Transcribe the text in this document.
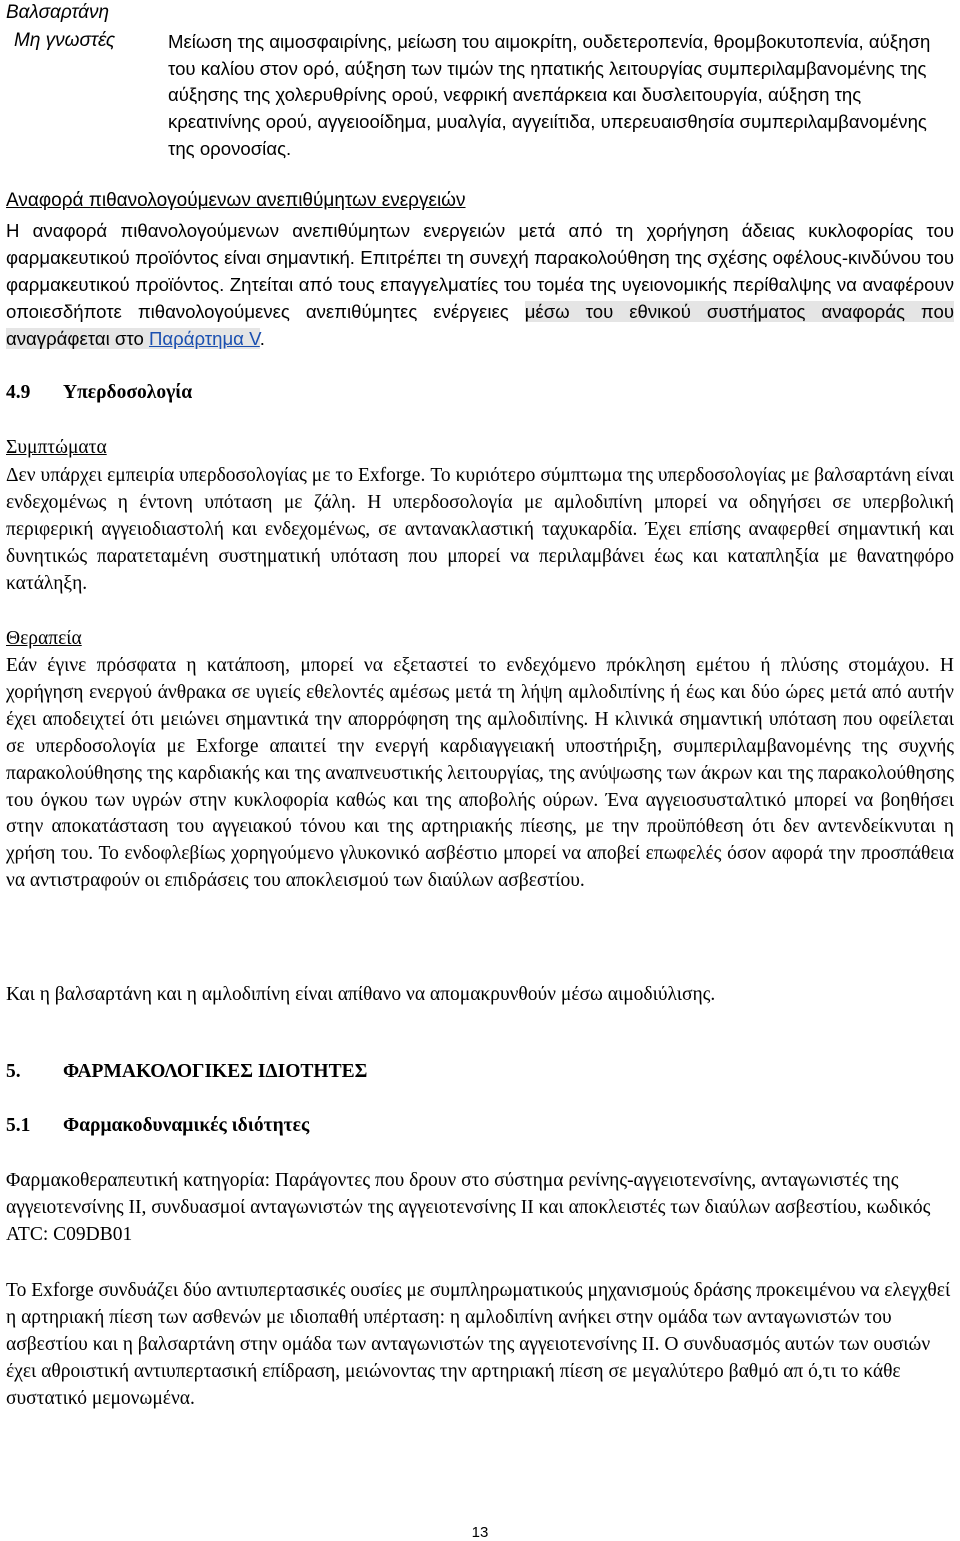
Βαλσαρτάνη
Μη γνωστές	Μείωση της αιμοσφαιρίνης, μείωση του αιμοκρίτη, ουδετεροπενία, θρομβοκυτοπενία, αύξηση του καλίου στον ορό, αύξηση των τιμών της ηπατικής λειτουργίας συμπεριλαμβανομένης της αύξησης της χολερυθρίνης ορού, νεφρική ανεπάρκεια και δυσλειτουργία, αύξηση της κρεατινίνης ορού, αγγειοοίδημα, μυαλγία, αγγειίτιδα, υπερευαισθησία συμπεριλαμβανομένης της ορονοσίας.
Αναφορά πιθανολογούμενων ανεπιθύμητων ενεργειών
Η αναφορά πιθανολογούμενων ανεπιθύμητων ενεργειών μετά από τη χορήγηση άδειας κυκλοφορίας του φαρμακευτικού προϊόντος είναι σημαντική. Επιτρέπει τη συνεχή παρακολούθηση της σχέσης οφέλους-κινδύνου του φαρμακευτικού προϊόντος. Ζητείται από τους επαγγελματίες του τομέα της υγειονομικής περίθαλψης να αναφέρουν οποιεσδήποτε πιθανολογούμενες ανεπιθύμητες ενέργειες μέσω του εθνικού συστήματος αναφοράς που αναγράφεται στο Παράρτημα V.
4.9 Υπερδοσολογία
Συμπτώματα
Δεν υπάρχει εμπειρία υπερδοσολογίας με το Exforge. Το κυριότερο σύμπτωμα της υπερδοσολογίας με βαλσαρτάνη είναι ενδεχομένως η έντονη υπόταση με ζάλη. Η υπερδοσολογία με αμλοδιπίνη μπορεί να οδηγήσει σε υπερβολική περιφερική αγγειοδιαστολή και ενδεχομένως, σε αντανακλαστική ταχυκαρδία. Έχει επίσης αναφερθεί σημαντική και δυνητικώς παρατεταμένη συστηματική υπόταση που μπορεί να περιλαμβάνει έως και καταπληξία με θανατηφόρο κατάληξη.
Θεραπεία
Εάν έγινε πρόσφατα η κατάποση, μπορεί να εξεταστεί το ενδεχόμενο πρόκληση εμέτου ή πλύσης στομάχου. Η χορήγηση ενεργού άνθρακα σε υγιείς εθελοντές αμέσως μετά τη λήψη αμλοδιπίνης ή έως και δύο ώρες μετά από αυτήν έχει αποδειχτεί ότι μειώνει σημαντικά την απορρόφηση της αμλοδιπίνης. Η κλινικά σημαντική υπόταση που οφείλεται σε υπερδοσολογία με Exforge απαιτεί την ενεργή καρδιαγγειακή υποστήριξη, συμπεριλαμβανομένης της συχνής παρακολούθησης της καρδιακής και της αναπνευστικής λειτουργίας, της ανύψωσης των άκρων και της παρακολούθησης του όγκου των υγρών στην κυκλοφορία καθώς και της αποβολής ούρων. Ένα αγγειοσυσταλτικό μπορεί να βοηθήσει στην αποκατάσταση του αγγειακού τόνου και της αρτηριακής πίεσης, με την προϋπόθεση ότι δεν αντενδείκνυται η χρήση του. Το ενδοφλεβίως χορηγούμενο γλυκονικό ασβέστιο μπορεί να αποβεί επωφελές όσον αφορά την προσπάθεια να αντιστραφούν οι επιδράσεις του αποκλεισμού των διαύλων ασβεστίου.
Και η βαλσαρτάνη και η αμλοδιπίνη είναι απίθανο να απομακρυνθούν μέσω αιμοδιύλισης.
5. ΦΑΡΜΑΚΟΛΟΓΙΚΕΣ ΙΔΙΟΤΗΤΕΣ
5.1 Φαρμακοδυναμικές ιδιότητες
Φαρμακοθεραπευτική κατηγορία: Παράγοντες που δρουν στο σύστημα ρενίνης-αγγειοτενσίνης, ανταγωνιστές της αγγειοτενσίνης ΙΙ, συνδυασμοί ανταγωνιστών της αγγειοτενσίνης ΙΙ και αποκλειστές των διαύλων ασβεστίου, κωδικός ATC: C09DB01
Το Exforge συνδυάζει δύο αντιυπερτασικές ουσίες με συμπληρωματικούς μηχανισμούς δράσης προκειμένου να ελεγχθεί η αρτηριακή πίεση των ασθενών με ιδιοπαθή υπέρταση: η αμλοδιπίνη ανήκει στην ομάδα των ανταγωνιστών του ασβεστίου και η βαλσαρτάνη στην ομάδα των ανταγωνιστών της αγγειοτενσίνης ΙΙ. Ο συνδυασμός αυτών των ουσιών έχει αθροιστική αντιυπερτασική επίδραση, μειώνοντας την αρτηριακή πίεση σε μεγαλύτερο βαθμό απ ό,τι το κάθε συστατικό μεμονωμένα.
13
